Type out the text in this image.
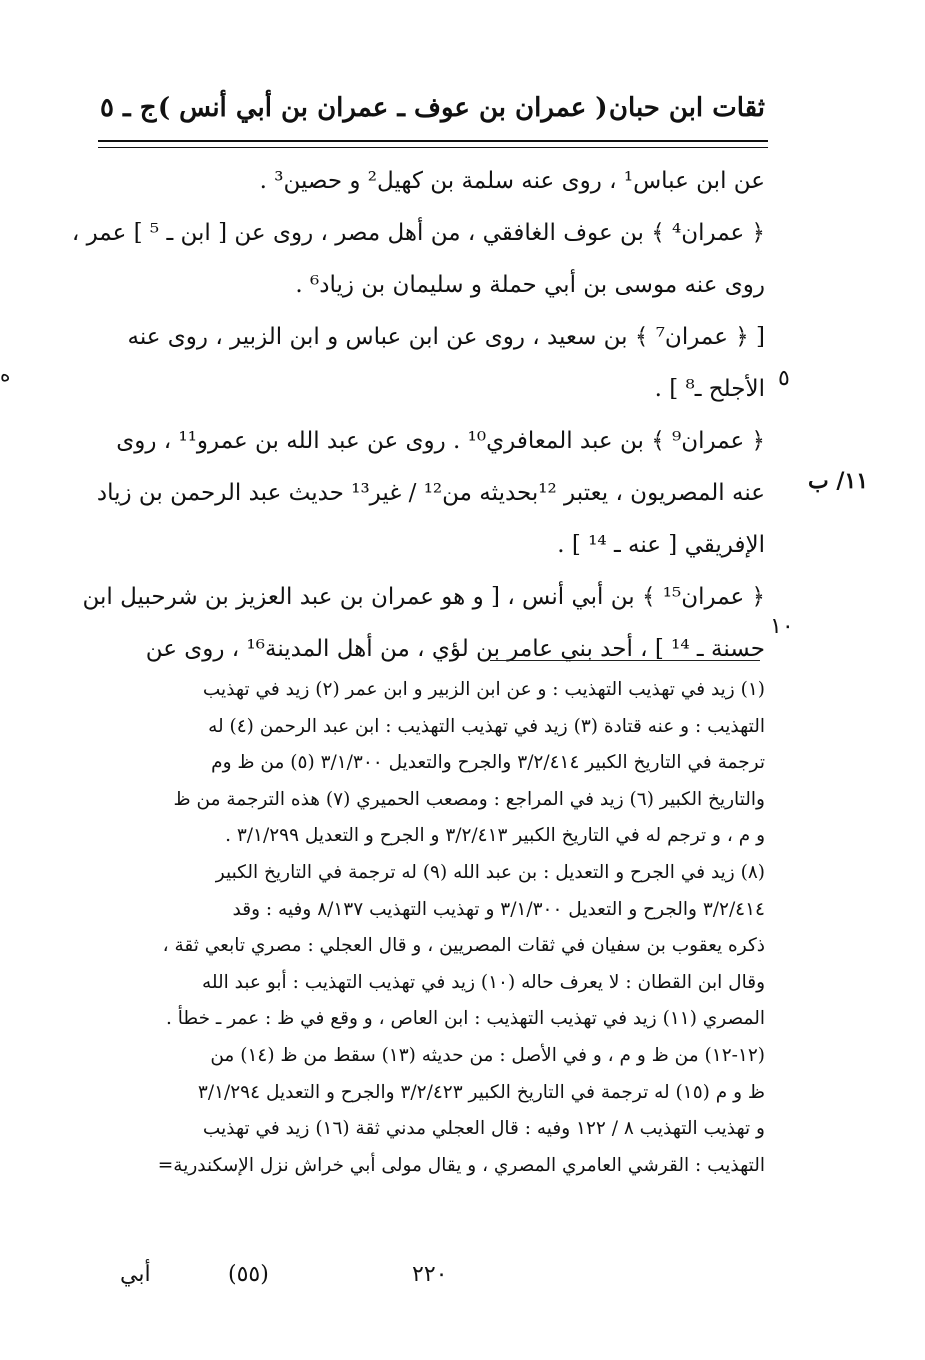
ثقات ابن حبان
( عمران بن عوف ـ عمران بن أبي أنس )
ج ـ ٥
عن ابن عباس¹ ، روى عنه سلمة بن كهيل² و حصين³ .
﴿ عمران⁴ ﴾ بن عوف الغافقي ، من أهل مصر ، روى عن [ ابن ـ ⁵ ] عمر ،
روى عنه موسى بن أبي حملة و سليمان بن زياد⁶ .
[ ﴿ عمران⁷ ﴾ بن سعيد ، روى عن ابن عباس و ابن الزبير ، روى عنه
الأجلح ـ⁸ ] .
﴿ عمران⁹ ﴾ بن عبد المعافري¹⁰ . روى عن عبد الله بن عمرو¹¹ ، روى
عنه المصريون ، يعتبر ¹²بحديثه من¹² / غير¹³ حديث عبد الرحمن بن زياد
الإفريقي [ عنه ـ ¹⁴ ] .
﴿ عمران¹⁵ ﴾ بن أبي أنس ، [ و هو عمران بن عبد العزيز بن شرحبيل ابن
حسنة ـ ¹⁴ ] ، أحد بني عامر بن لؤي ، من أهل المدينة¹⁶ ، روى عن
٥
١٠
١١/ ب
ه
(١) زيد في تهذيب التهذيب : و عن ابن الزبير و ابن عمر (٢) زيد في تهذيب
التهذيب : و عنه قتادة (٣) زيد في تهذيب التهذيب : ابن عبد الرحمن (٤) له
ترجمة في التاريخ الكبير ٣/٢/٤١٤ والجرح والتعديل ٣/١/٣٠٠ (٥) من ظ وم
والتاريخ الكبير (٦) زيد في المراجع : ومصعب الحميري (٧) هذه الترجمة من ظ
و م ، و ترجم له في التاريخ الكبير ٣/٢/٤١٣ و الجرح و التعديل ٣/١/٢٩٩ .
(٨) زيد في الجرح و التعديل : بن عبد الله (٩) له ترجمة في التاريخ الكبير
٣/٢/٤١٤ والجرح و التعديل ٣/١/٣٠٠ و تهذيب التهذيب ٨/١٣٧ وفيه : وقد
ذكره يعقوب بن سفيان في ثقات المصريين ، و قال العجلي : مصري تابعي ثقة ،
وقال ابن القطان : لا يعرف حاله (١٠) زيد في تهذيب التهذيب : أبو عبد الله
المصري (١١) زيد في تهذيب التهذيب : ابن العاص ، و وقع في ظ : عمر ـ خطأ .
(١٢-١٢) من ظ و م ، و في الأصل : من حديثه (١٣) سقط من ظ (١٤) من
ظ و م (١٥) له ترجمة في التاريخ الكبير ٣/٢/٤٢٣ والجرح و التعديل ٣/١/٢٩٤
و تهذيب التهذيب ٨ / ١٢٢ وفيه : قال العجلي مدني ثقة (١٦) زيد في تهذيب
التهذيب : القرشي العامري المصري ، و يقال مولى أبي خراش نزل الإسكندرية=
أبي	(٥٥)	٢٢٠
